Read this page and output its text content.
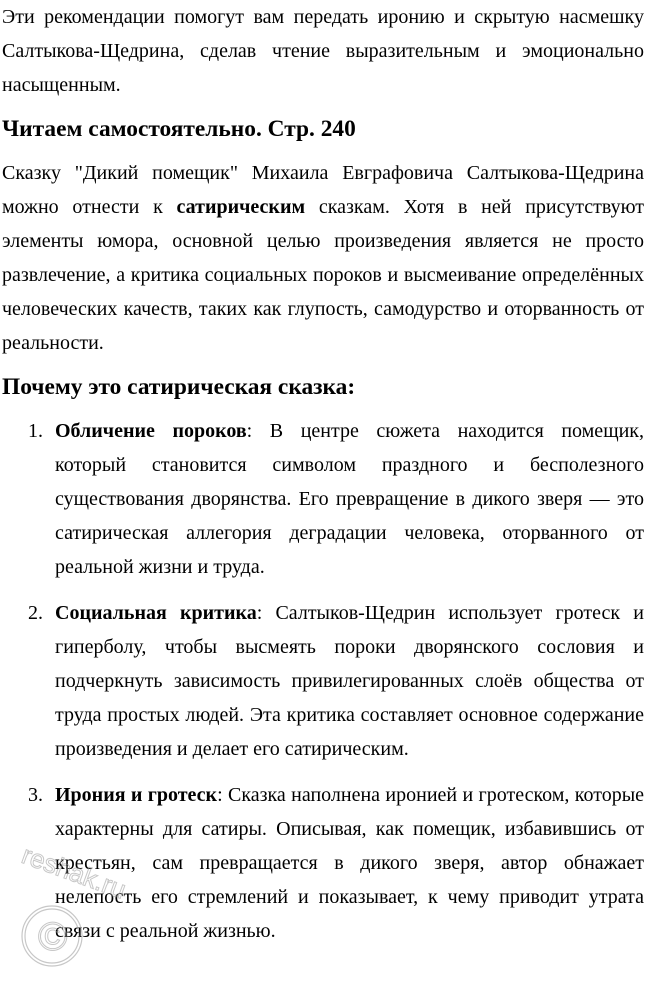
Эти рекомендации помогут вам передать иронию и скрытую насмешку Салтыкова-Щедрина, сделав чтение выразительным и эмоционально насыщенным.

Читаем самостоятельно. Стр. 240

Сказку "Дикий помещик" Михаила Евграфовича Салтыкова-Щедрина можно отнести к сатирическим сказкам. Хотя в ней присутствуют элементы юмора, основной целью произведения является не просто развлечение, а критика социальных пороков и высмеивание определённых человеческих качеств, таких как глупость, самодурство и оторванность от реальности.

Почему это сатирическая сказка:
1. Обличение пороков: В центре сюжета находится помещик, который становится символом праздного и бесполезного существования дворянства. Его превращение в дикого зверя — это сатирическая аллегория деградации человека, оторванного от реальной жизни и труда.

2. Социальная критика: Салтыков-Щедрин использует гротеск и гиперболу, чтобы высмеять пороки дворянского сословия и подчеркнуть зависимость привилегированных слоёв общества от труда простых людей. Эта критика составляет основное содержание произведения и делает его сатирическим.

3. Ирония и гротеск: Сказка наполнена иронией и гротеском, которые характерны для сатиры. Описывая, как помещик, избавившись от крестьян, сам превращается в дикого зверя, автор обнажает нелепость его стремлений и показывает, к чему приводит утрата связи с реальной жизнью.

©
reshak.ru
